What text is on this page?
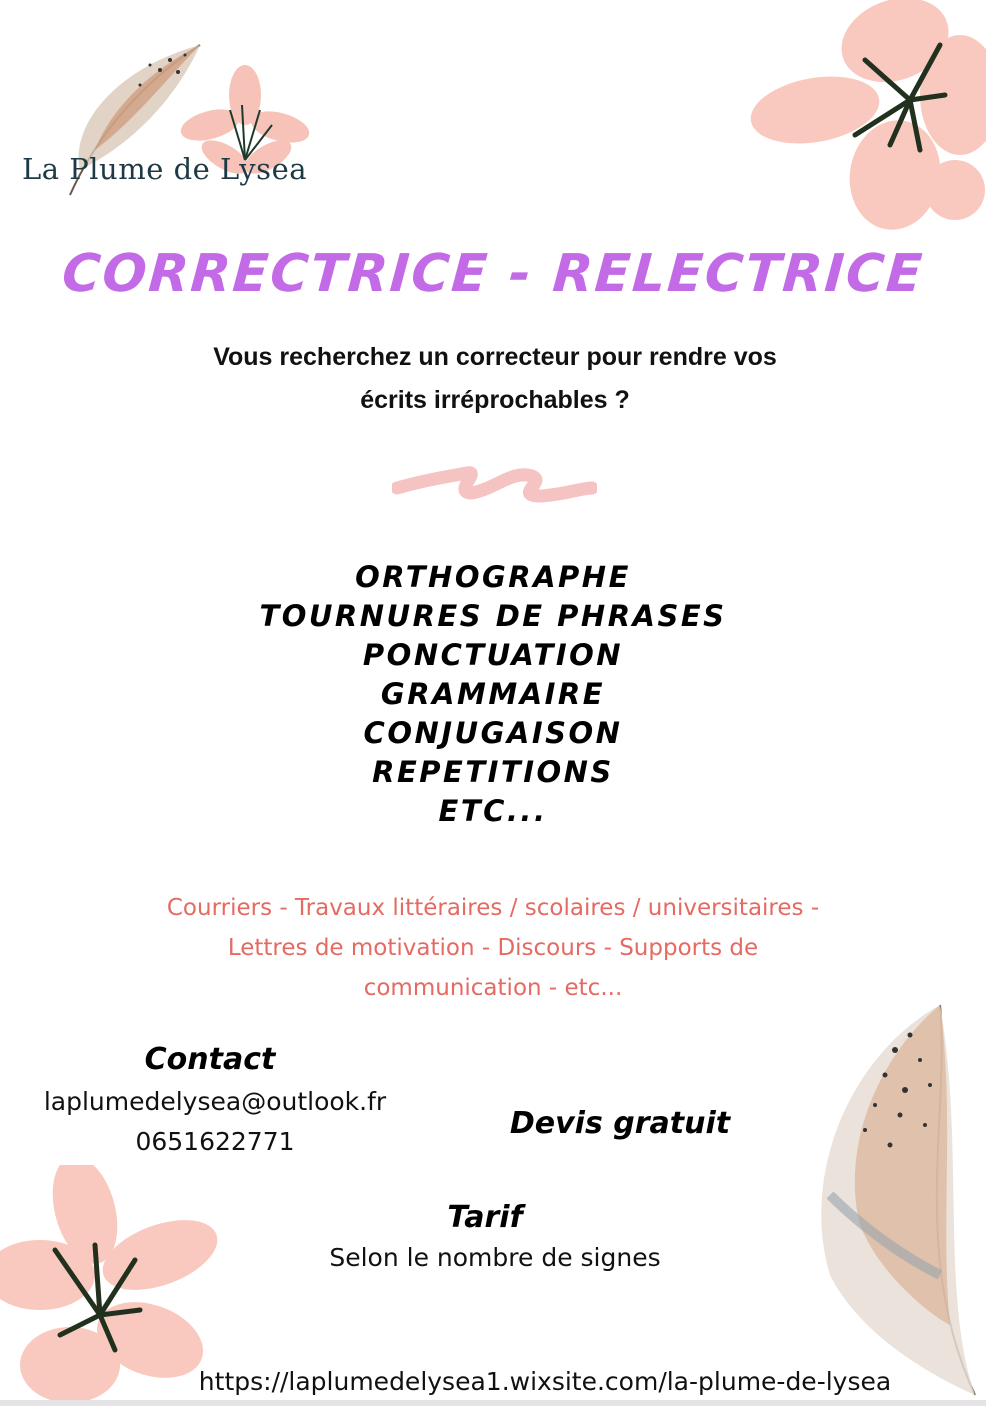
La Plume de Lysea
CORRECTRICE - RELECTRICE
Vous recherchez un correcteur pour rendre vos
écrits irréprochables ?
ORTHOGRAPHE
TOURNURES DE PHRASES
PONCTUATION
GRAMMAIRE
CONJUGAISON
REPETITIONS
ETC...
Courriers - Travaux littéraires / scolaires / universitaires -
Lettres de motivation - Discours - Supports de
communication - etc...
Contact
laplumedelysea@outlook.fr
0651622771
Devis gratuit
Tarif
Selon le nombre de signes
https://laplumedelysea1.wixsite.com/la-plume-de-lysea
